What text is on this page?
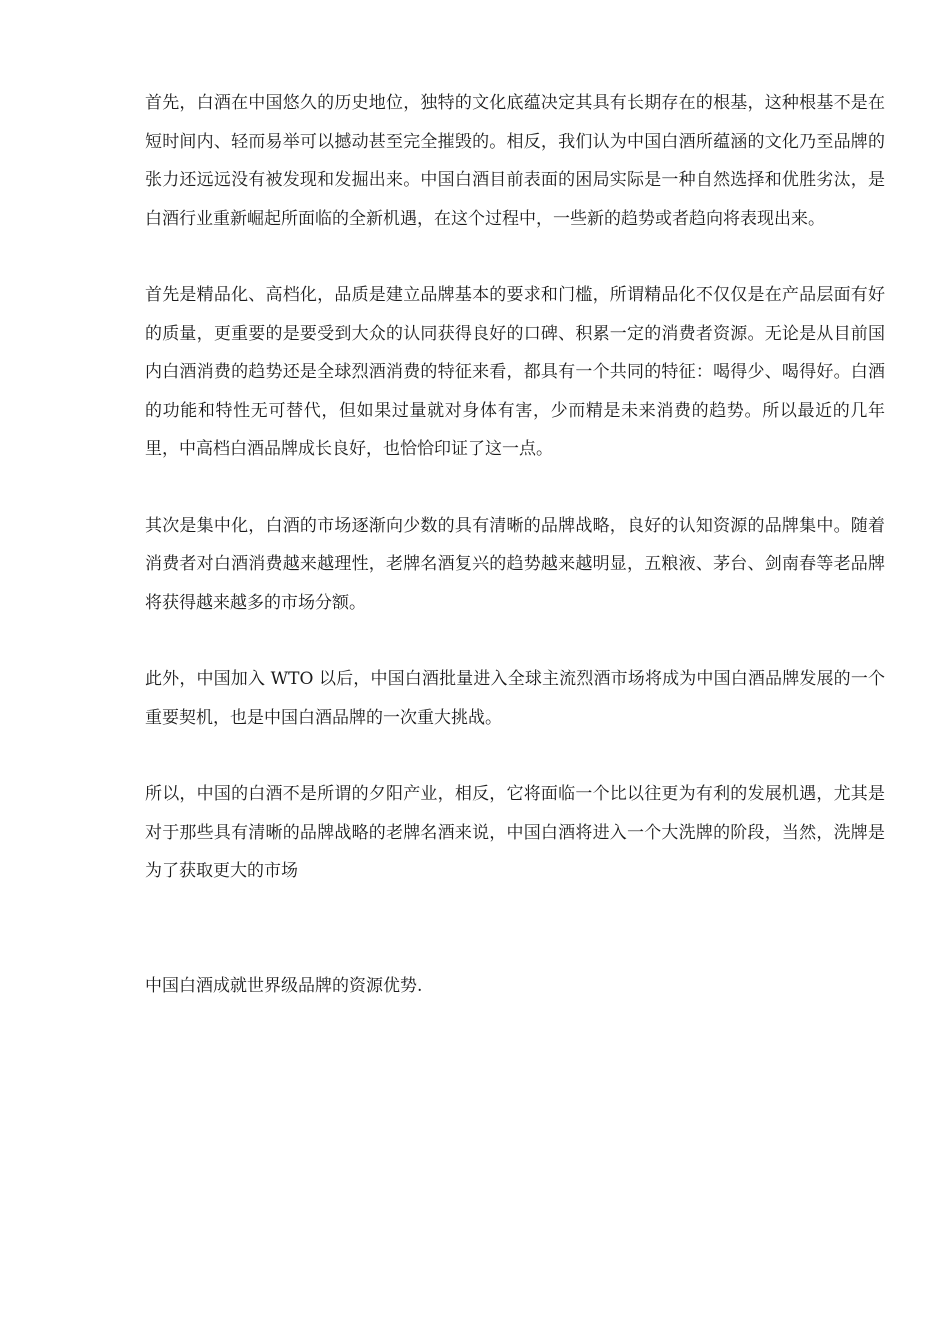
首先，白酒在中国悠久的历史地位，独特的文化底蕴决定其具有长期存在的根基，这种根基不是在短时间内、轻而易举可以撼动甚至完全摧毁的。相反，我们认为中国白酒所蕴涵的文化乃至品牌的张力还远远没有被发现和发掘出来。中国白酒目前表面的困局实际是一种自然选择和优胜劣汰，是白酒行业重新崛起所面临的全新机遇，在这个过程中，一些新的趋势或者趋向将表现出来。

首先是精品化、高档化，品质是建立品牌基本的要求和门槛，所谓精品化不仅仅是在产品层面有好的质量，更重要的是要受到大众的认同获得良好的口碑、积累一定的消费者资源。无论是从目前国内白酒消费的趋势还是全球烈酒消费的特征来看，都具有一个共同的特征：喝得少、喝得好。白酒的功能和特性无可替代，但如果过量就对身体有害，少而精是未来消费的趋势。所以最近的几年里，中高档白酒品牌成长良好，也恰恰印证了这一点。

其次是集中化，白酒的市场逐渐向少数的具有清晰的品牌战略，良好的认知资源的品牌集中。随着消费者对白酒消费越来越理性，老牌名酒复兴的趋势越来越明显，五粮液、茅台、剑南春等老品牌将获得越来越多的市场分额。

此外，中国加入 WTO 以后，中国白酒批量进入全球主流烈酒市场将成为中国白酒品牌发展的一个重要契机，也是中国白酒品牌的一次重大挑战。

所以，中国的白酒不是所谓的夕阳产业，相反，它将面临一个比以往更为有利的发展机遇，尤其是对于那些具有清晰的品牌战略的老牌名酒来说，中国白酒将进入一个大洗牌的阶段，当然，洗牌是为了获取更大的市场

中国白酒成就世界级品牌的资源优势.
